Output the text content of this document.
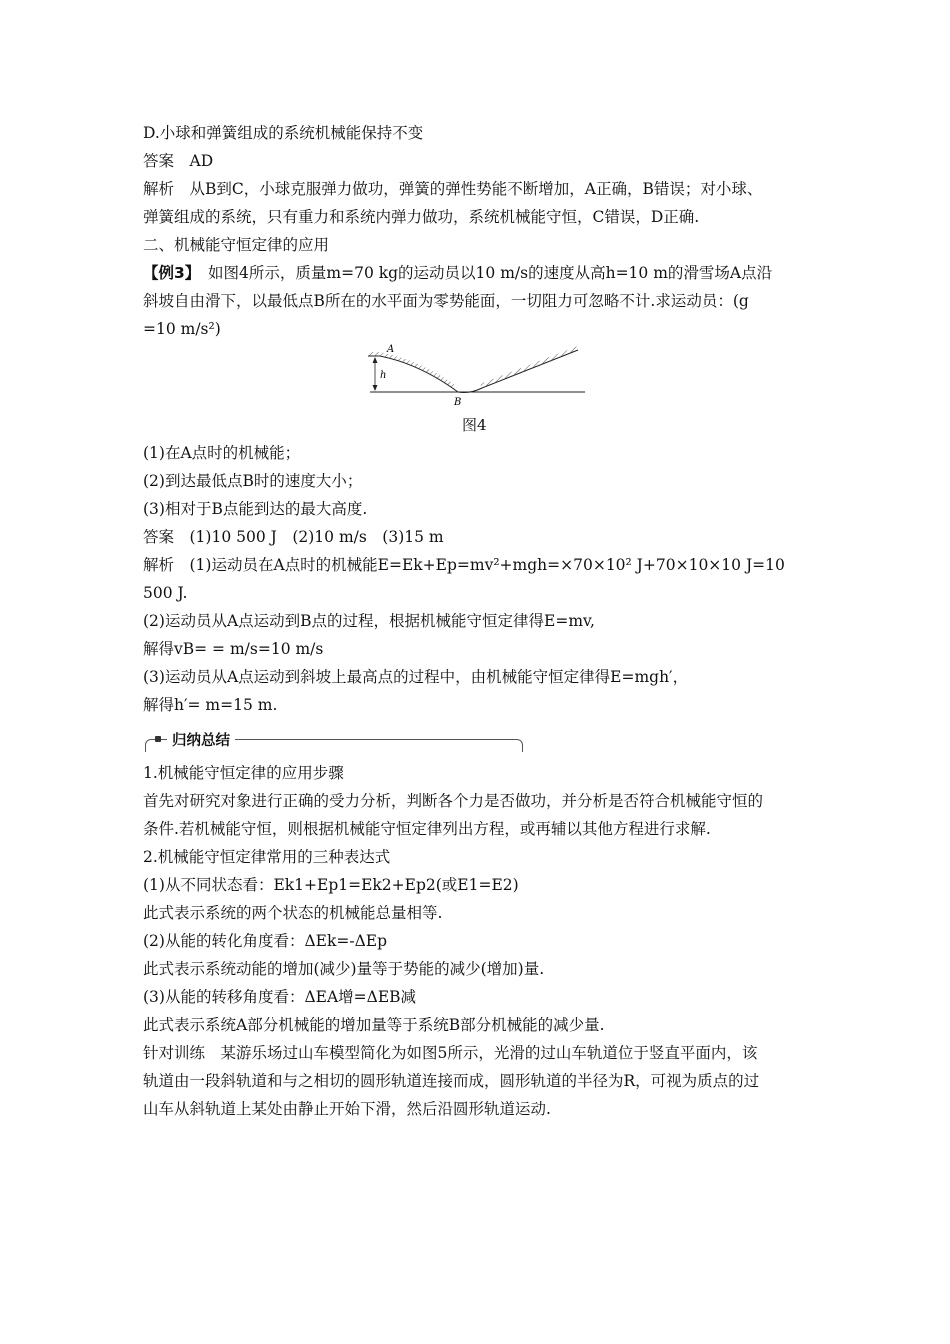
D.小球和弹簧组成的系统机械能保持不变
答案　AD
解析　从B到C，小球克服弹力做功，弹簧的弹性势能不断增加，A正确，B错误；对小球、
弹簧组成的系统，只有重力和系统内弹力做功，系统机械能守恒，C错误，D正确.
二、机械能守恒定律的应用
【例3】　如图4所示，质量m=70 kg的运动员以10 m/s的速度从高h=10 m的滑雪场A点沿
斜坡自由滑下，以最低点B所在的水平面为零势能面，一切阻力可忽略不计.求运动员：(g
=10 m/s²)
A
h
B
图4
(1)在A点时的机械能；
(2)到达最低点B时的速度大小；
(3)相对于B点能到达的最大高度.
答案　(1)10 500 J　(2)10 m/s　(3)15 m
解析　(1)运动员在A点时的机械能E=Ek+Ep=mv²+mgh=×70×10² J+70×10×10 J=10
500 J.
(2)运动员从A点运动到B点的过程，根据机械能守恒定律得E=mv,
解得vB= = m/s=10 m/s
(3)运动员从A点运动到斜坡上最高点的过程中，由机械能守恒定律得E=mgh′，
解得h′= m=15 m.
归纳总结
1.机械能守恒定律的应用步骤
首先对研究对象进行正确的受力分析，判断各个力是否做功，并分析是否符合机械能守恒的
条件.若机械能守恒，则根据机械能守恒定律列出方程，或再辅以其他方程进行求解.
2.机械能守恒定律常用的三种表达式
(1)从不同状态看：Ek1+Ep1=Ek2+Ep2(或E1=E2)
此式表示系统的两个状态的机械能总量相等.
(2)从能的转化角度看：ΔEk=-ΔEp
此式表示系统动能的增加(减少)量等于势能的减少(增加)量.
(3)从能的转移角度看：ΔEA增=ΔEB减
此式表示系统A部分机械能的增加量等于系统B部分机械能的减少量.
针对训练　某游乐场过山车模型简化为如图5所示，光滑的过山车轨道位于竖直平面内，该
轨道由一段斜轨道和与之相切的圆形轨道连接而成，圆形轨道的半径为R，可视为质点的过
山车从斜轨道上某处由静止开始下滑，然后沿圆形轨道运动.
